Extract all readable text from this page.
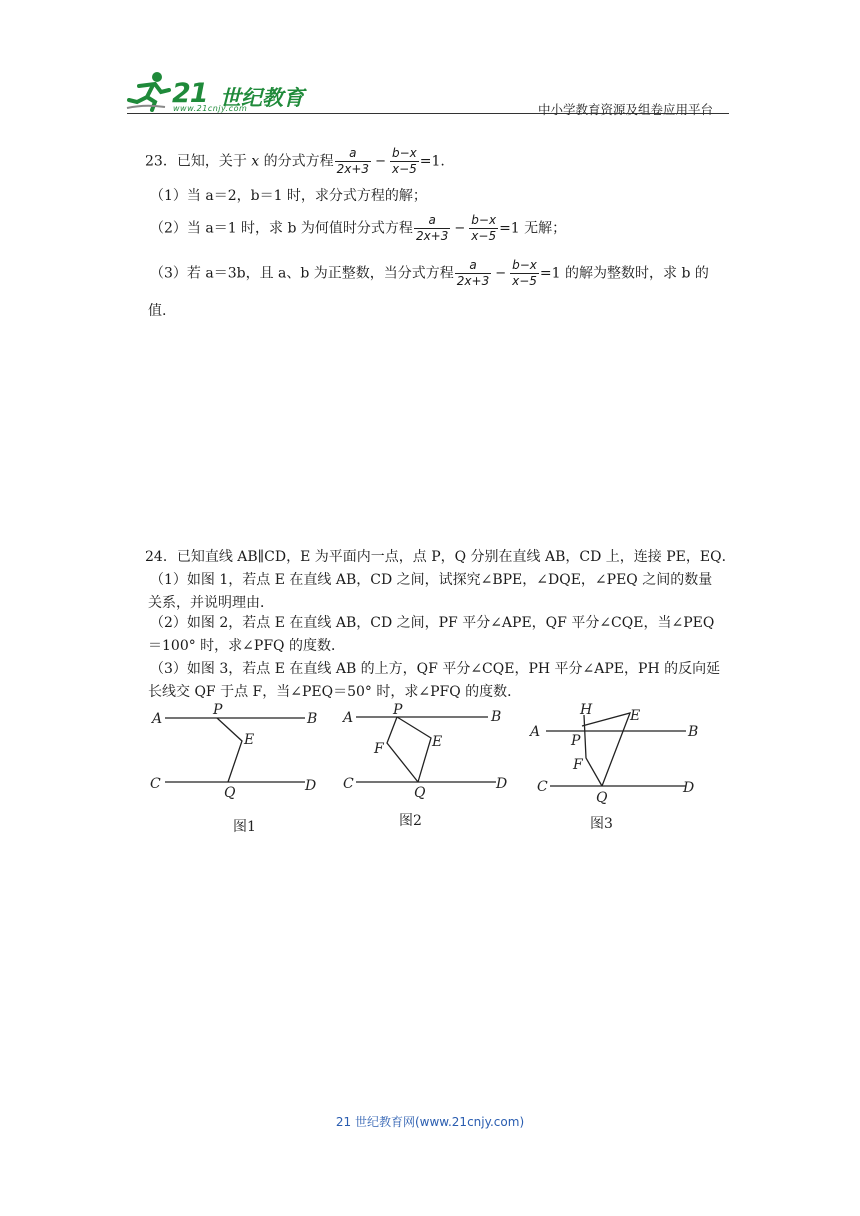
21 世纪教育
www.21cnjy.com	中小学教育资源及组卷应用平台
23．已知，关于 x 的分式方程 $\frac{a}{2x+3} - \frac{b-x}{x-5} =1$.
（1）当 a＝2，b＝1 时，求分式方程的解；
（2）当 a＝1 时，求 b 为何值时分式方程 $\frac{a}{2x+3} - \frac{b-x}{x-5} =1$ 无解；
（3）若 a＝3b，且 a、b 为正整数，当分式方程 $\frac{a}{2x+3} - \frac{b-x}{x-5} =1$ 的解为整数时，求 b 的
值.
24．已知直线 AB∥CD，E 为平面内一点，点 P，Q 分别在直线 AB，CD 上，连接 PE，EQ．
（1）如图 1，若点 E 在直线 AB，CD 之间，试探究∠BPE，∠DQE，∠PEQ 之间的数量
关系，并说明理由．
（2）如图 2，若点 E 在直线 AB，CD 之间，PF 平分∠APE，QF 平分∠CQE，当∠PEQ
＝100° 时，求∠PFQ 的度数．
（3）如图 3，若点 E 在直线 AB 的上方，QF 平分∠CQE，PH 平分∠APE，PH 的反向延
长线交 QF 于点 F，当∠PEQ＝50° 时，求∠PFQ 的度数．
A	B
C	D
P
E
Q
A	B
C	D
P
E
F
Q
A	B
C	D
H
P
E
F
Q
图1	图2	图3
21 世纪教育网(www.21cnjy.com)
